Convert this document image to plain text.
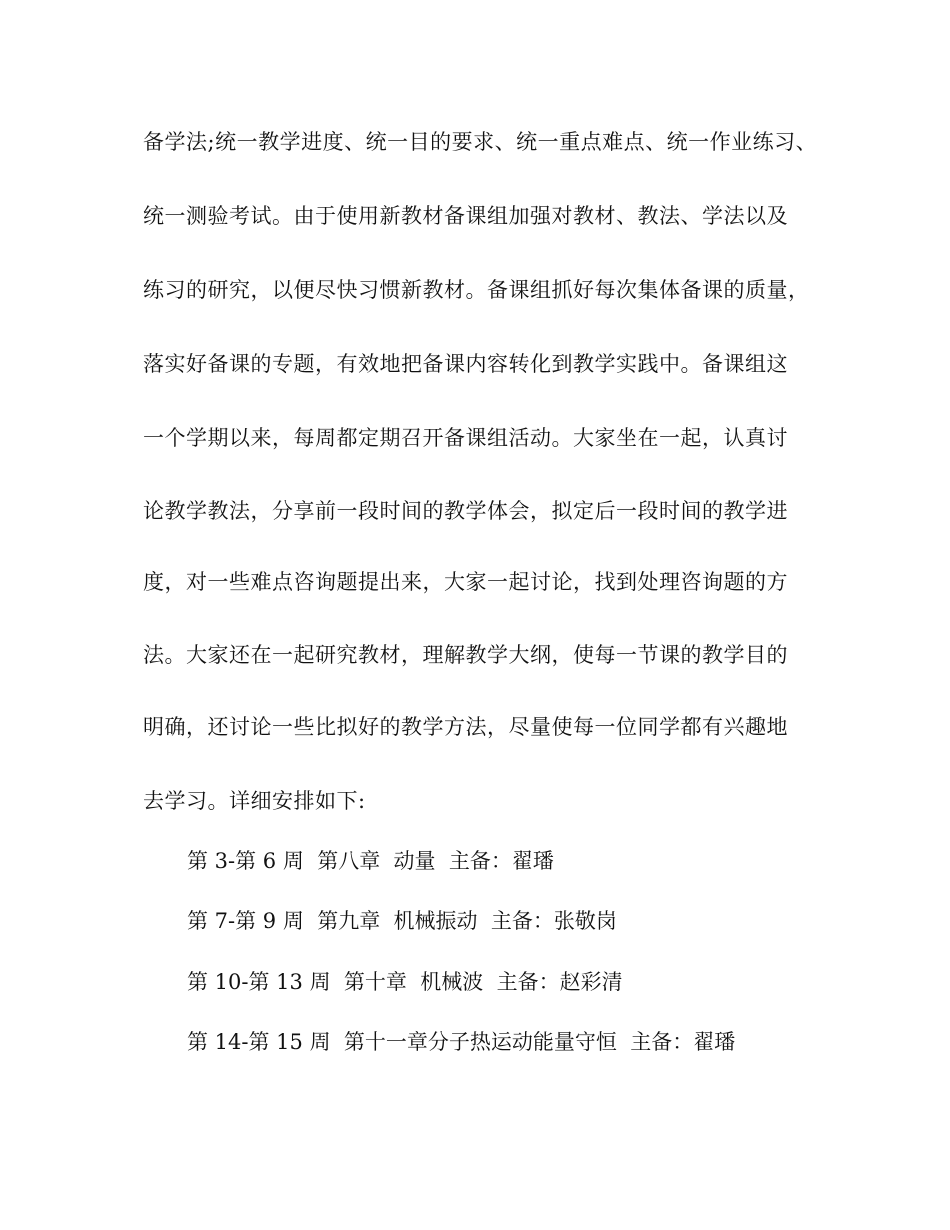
备学法;统一教学进度、统一目的要求、统一重点难点、统一作业练习、
统一测验考试。由于使用新教材备课组加强对教材、教法、学法以及
练习的研究，以便尽快习惯新教材。备课组抓好每次集体备课的质量，
落实好备课的专题，有效地把备课内容转化到教学实践中。备课组这
一个学期以来，每周都定期召开备课组活动。大家坐在一起，认真讨
论教学教法，分享前一段时间的教学体会，拟定后一段时间的教学进
度，对一些难点咨询题提出来，大家一起讨论，找到处理咨询题的方
法。大家还在一起研究教材，理解教学大纲，使每一节课的教学目的
明确，还讨论一些比拟好的教学方法，尽量使每一位同学都有兴趣地
去学习。详细安排如下:
第 3-第 6 周  第八章  动量  主备：翟璠
第 7-第 9 周  第九章  机械振动  主备：张敬岗
第 10-第 13 周  第十章  机械波  主备：赵彩清
第 14-第 15 周  第十一章分子热运动能量守恒  主备：翟璠
